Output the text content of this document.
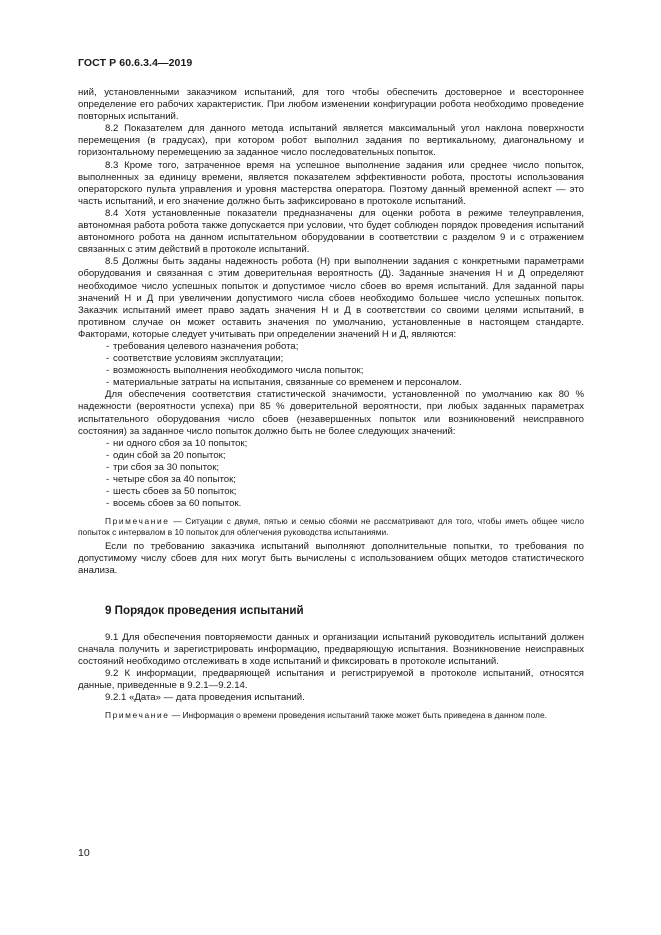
ГОСТ Р 60.6.3.4—2019

ний, установленными заказчиком испытаний, для того чтобы обеспечить достоверное и всестороннее определение его рабочих характеристик. При любом изменении конфигурации робота необходимо проведение повторных испытаний.

8.2 Показателем для данного метода испытаний является максимальный угол наклона поверхности перемещения (в градусах), при котором робот выполнил задания по вертикальному, диагональному и горизонтальному перемещению за заданное число последовательных попыток.

8.3 Кроме того, затраченное время на успешное выполнение задания или среднее число попыток, выполненных за единицу времени, является показателем эффективности робота, простоты использования операторского пульта управления и уровня мастерства оператора. Поэтому данный временной аспект — это часть испытаний, и его значение должно быть зафиксировано в протоколе испытаний.

8.4 Хотя установленные показатели предназначены для оценки робота в режиме телеуправления, автономная работа робота также допускается при условии, что будет соблюден порядок проведения испытаний автономного робота на данном испытательном оборудовании в соответствии с разделом 9 и с отражением связанных с этим действий в протоколе испытаний.

8.5 Должны быть заданы надежность робота (Н) при выполнении задания с конкретными параметрами оборудования и связанная с этим доверительная вероятность (Д). Заданные значения Н и Д определяют необходимое число успешных попыток и допустимое число сбоев во время испытаний. Для заданной пары значений Н и Д при увеличении допустимого числа сбоев необходимо большее число успешных попыток. Заказчик испытаний имеет право задать значения Н и Д в соответствии со своими целями испытаний, в противном случае он может оставить значения по умолчанию, установленные в настоящем стандарте. Факторами, которые следует учитывать при определении значений Н и Д, являются:

- требования целевого назначения робота;
- соответствие условиям эксплуатации;
- возможность выполнения необходимого числа попыток;
- материальные затраты на испытания, связанные со временем и персоналом.

Для обеспечения соответствия статистической значимости, установленной по умолчанию как 80 % надежности (вероятности успеха) при 85 % доверительной вероятности, при любых заданных параметрах испытательного оборудования число сбоев (незавершенных попыток или возникновений неисправного состояния) за заданное число попыток должно быть не более следующих значений:

- ни одного сбоя за 10 попыток;
- один сбой за 20 попыток;
- три сбоя за 30 попыток;
- четыре сбоя за 40 попыток;
- шесть сбоев за 50 попыток;
- восемь сбоев за 60 попыток.

Примечание — Ситуации с двумя, пятью и семью сбоями не рассматривают для того, чтобы иметь общее число попыток с интервалом в 10 попыток для облегчения руководства испытаниями.

Если по требованию заказчика испытаний выполняют дополнительные попытки, то требования по допустимому числу сбоев для них могут быть вычислены с использованием общих методов статистического анализа.

9 Порядок проведения испытаний

9.1 Для обеспечения повторяемости данных и организации испытаний руководитель испытаний должен сначала получить и зарегистрировать информацию, предваряющую испытания. Возникновение неисправных состояний необходимо отслеживать в ходе испытаний и фиксировать в протоколе испытаний.

9.2 К информации, предваряющей испытания и регистрируемой в протоколе испытаний, относятся данные, приведенные в 9.2.1—9.2.14.

9.2.1 «Дата» — дата проведения испытаний.

Примечание — Информация о времени проведения испытаний также может быть приведена в данном поле.

10
